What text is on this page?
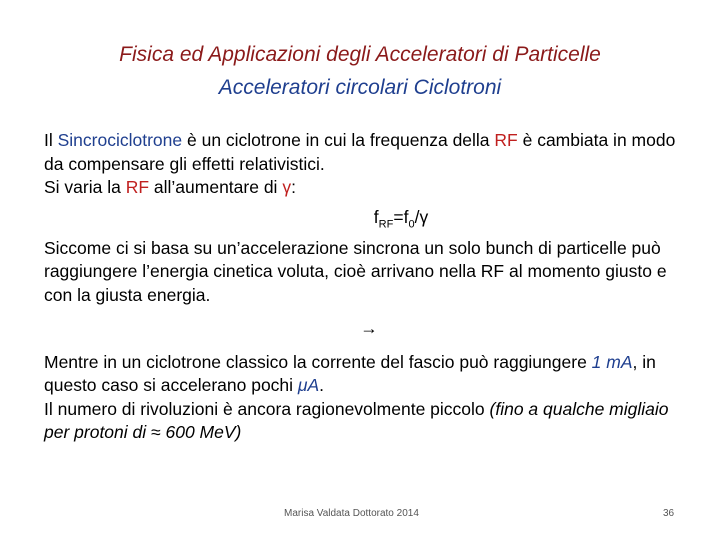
Fisica ed Applicazioni degli Acceleratori di Particelle
Acceleratori circolari Ciclotroni

Il Sincrociclotrone è un ciclotrone in cui la frequenza della RF è cambiata in modo da compensare gli effetti relativistici.

Si varia la RF all’aumentare di γ:

$f_{RF}=f_0/\gamma$

Siccome ci si basa su un’accelerazione sincrona un solo bunch di particelle può raggiungere l’energia cinetica voluta, cioè arrivano nella RF al momento giusto e con la giusta energia.

→

Mentre in un ciclotrone classico la corrente del fascio può raggiungere 1 mA, in questo caso si accelerano pochi μA.

Il numero di rivoluzioni è ancora ragionevolmente piccolo (fino a qualche migliaio per protoni di ≈ 600 MeV)

Marisa Valdata Dottorato 2014	36
